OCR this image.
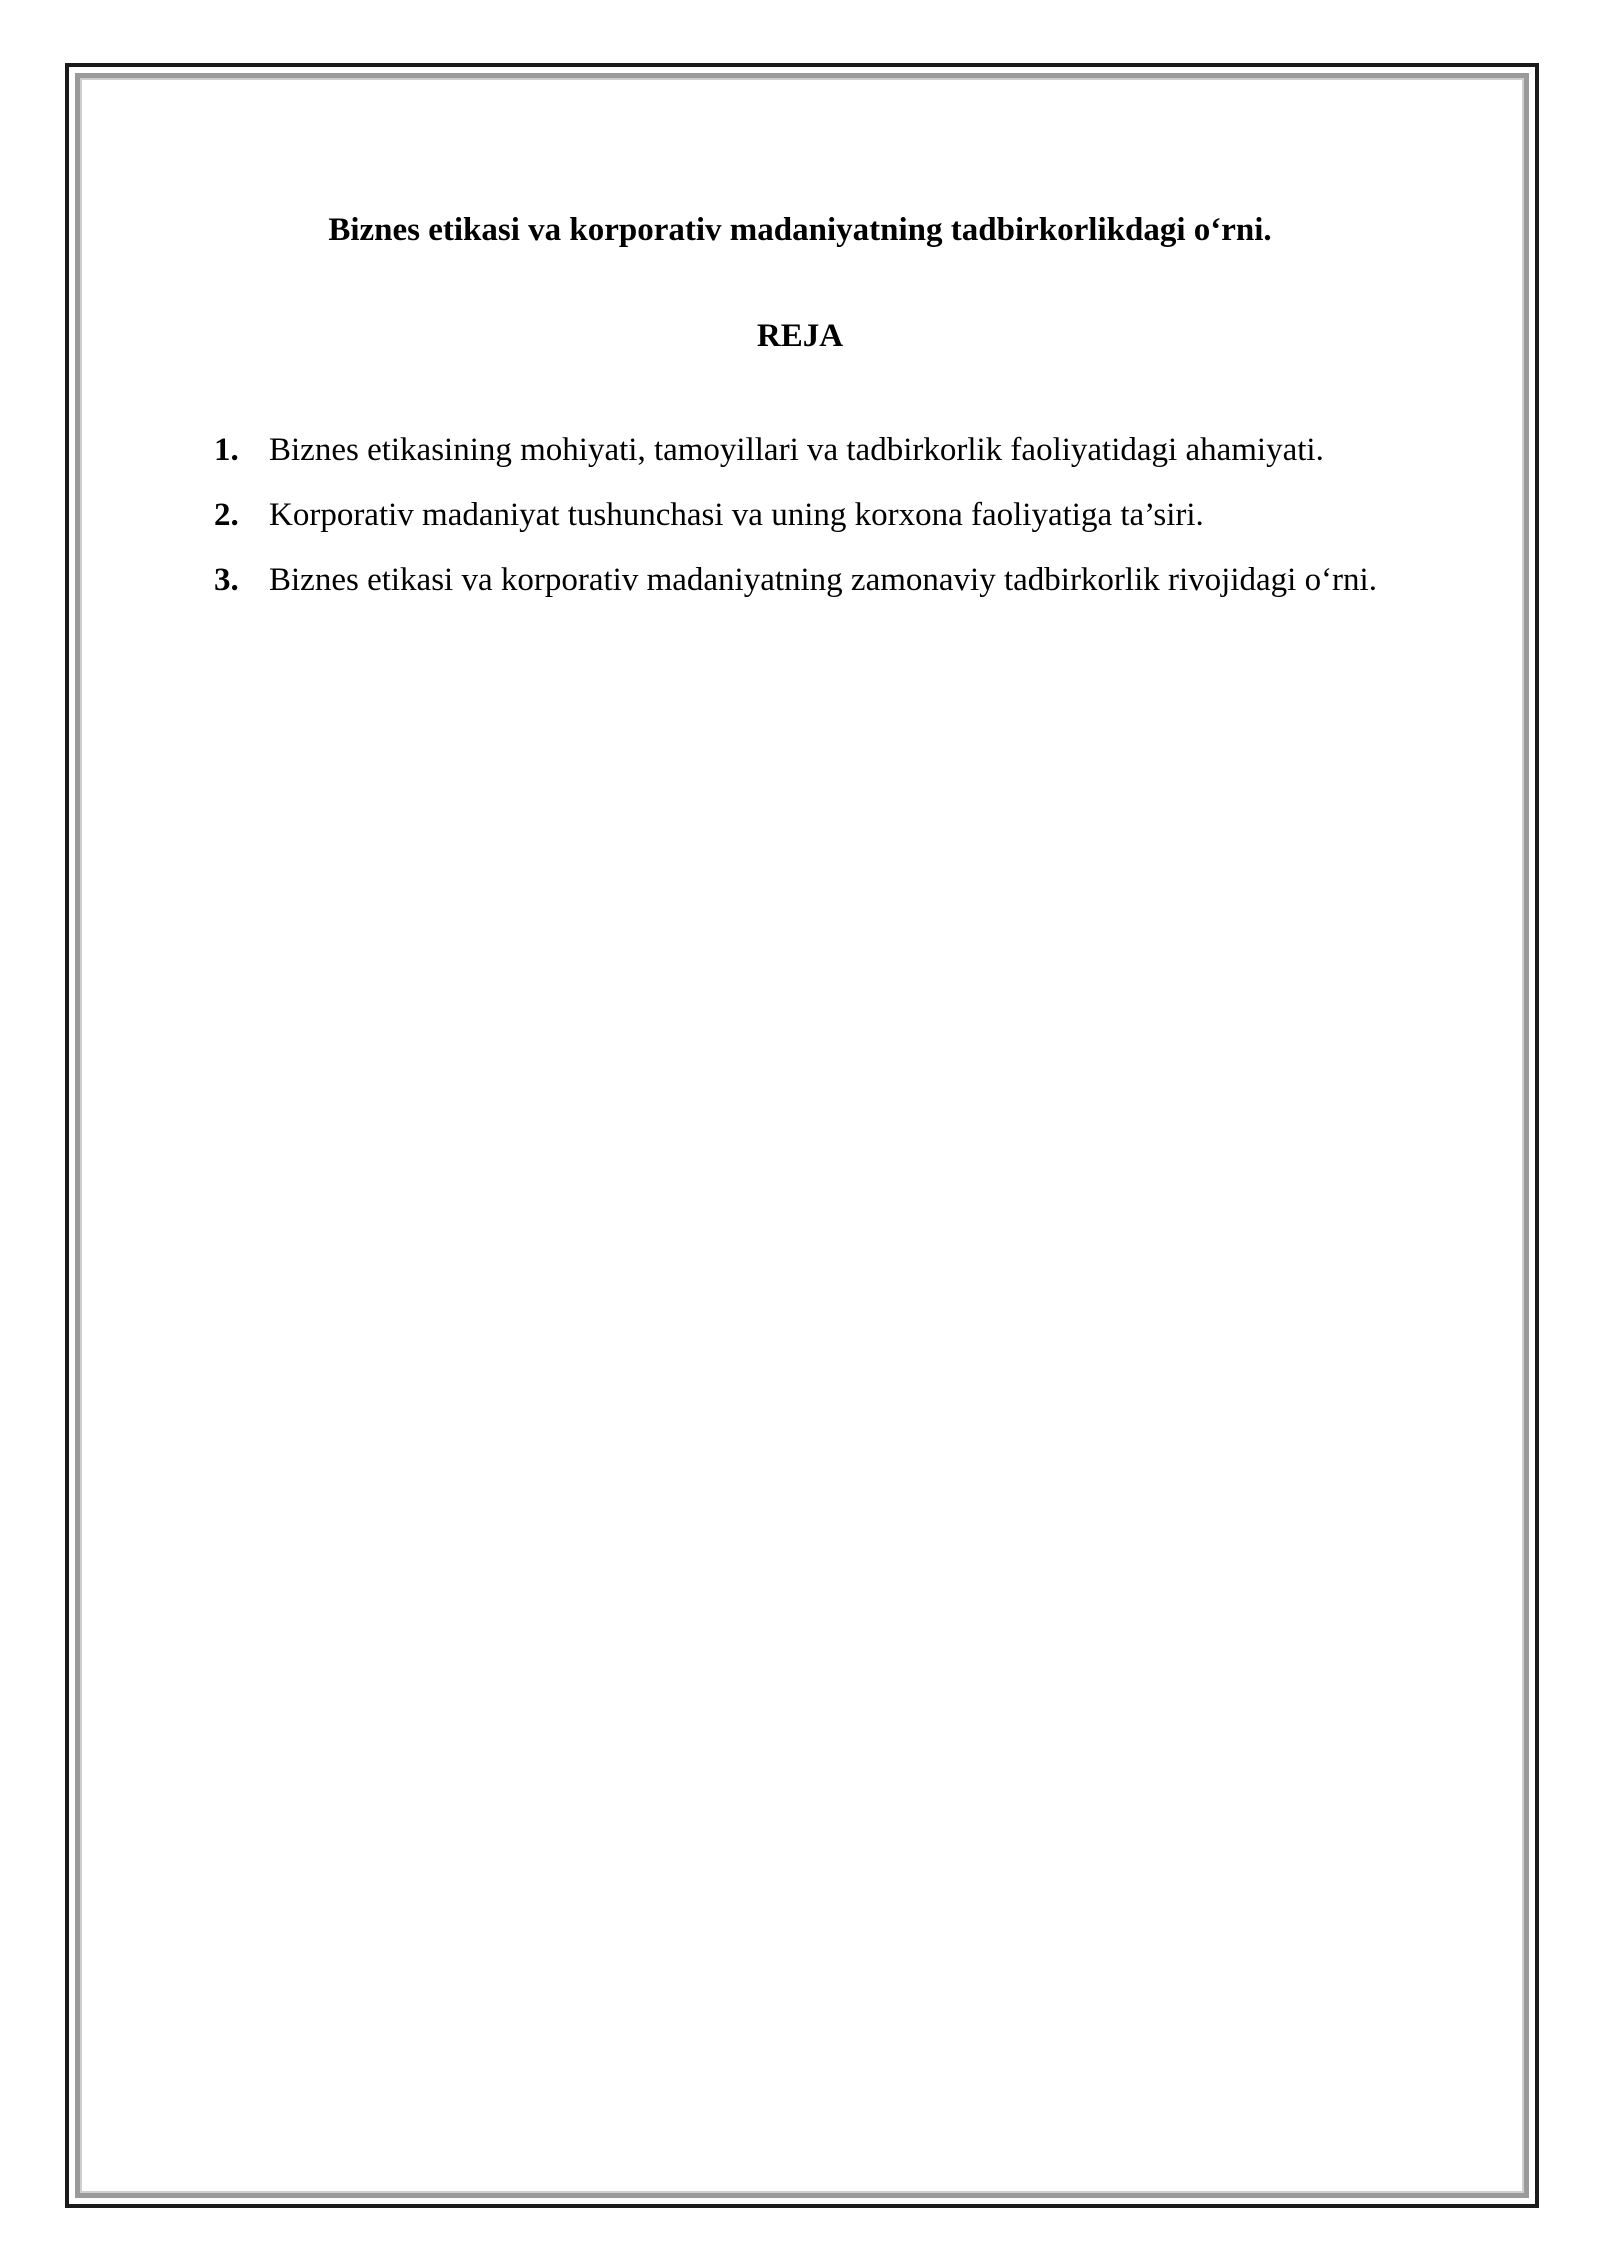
Biznes etikasi va korporativ madaniyatning tadbirkorlikdagi o‘rni.
REJA
1. Biznes etikasining mohiyati, tamoyillari va tadbirkorlik faoliyatidagi ahamiyati.
2. Korporativ madaniyat tushunchasi va uning korxona faoliyatiga ta’siri.
3. Biznes etikasi va korporativ madaniyatning zamonaviy tadbirkorlik rivojidagi o‘rni.
